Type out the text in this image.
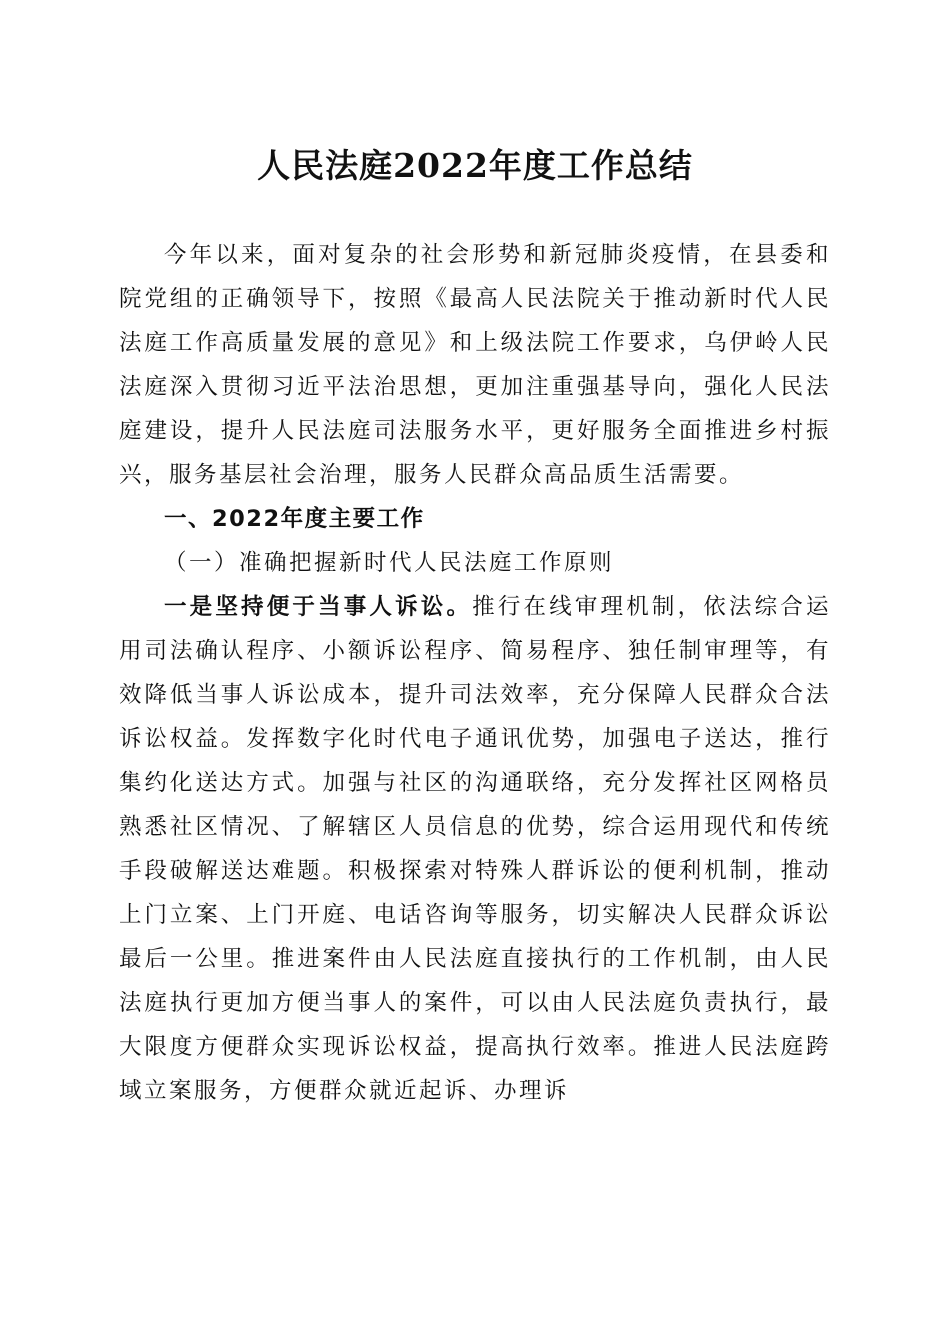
人民法庭2022年度工作总结

今年以来，面对复杂的社会形势和新冠肺炎疫情，在县委和院党组的正确领导下，按照《最高人民法院关于推动新时代人民法庭工作高质量发展的意见》和上级法院工作要求，乌伊岭人民法庭深入贯彻习近平法治思想，更加注重强基导向，强化人民法庭建设，提升人民法庭司法服务水平，更好服务全面推进乡村振兴，服务基层社会治理，服务人民群众高品质生活需要。

一、2022年度主要工作

（一）准确把握新时代人民法庭工作原则

一是坚持便于当事人诉讼。推行在线审理机制，依法综合运用司法确认程序、小额诉讼程序、简易程序、独任制审理等，有效降低当事人诉讼成本，提升司法效率，充分保障人民群众合法诉讼权益。发挥数字化时代电子通讯优势，加强电子送达，推行集约化送达方式。加强与社区的沟通联络，充分发挥社区网格员熟悉社区情况、了解辖区人员信息的优势，综合运用现代和传统手段破解送达难题。积极探索对特殊人群诉讼的便利机制，推动上门立案、上门开庭、电话咨询等服务，切实解决人民群众诉讼最后一公里。推进案件由人民法庭直接执行的工作机制，由人民法庭执行更加方便当事人的案件，可以由人民法庭负责执行，最大限度方便群众实现诉讼权益，提高执行效率。推进人民法庭跨域立案服务，方便群众就近起诉、办理诉
